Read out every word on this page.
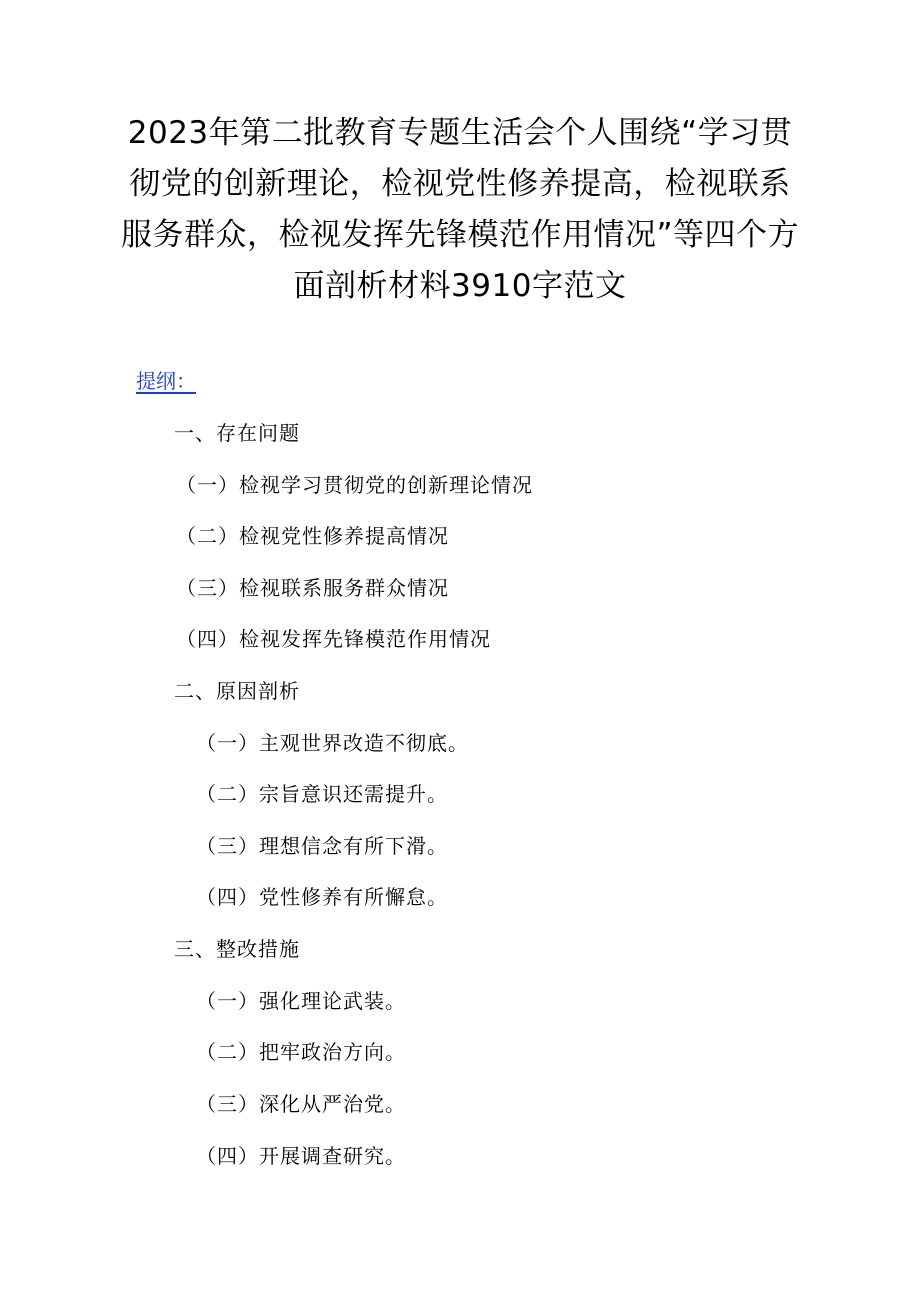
2023年第二批教育专题生活会个人围绕“学习贯彻党的创新理论，检视党性修养提高，检视联系服务群众，检视发挥先锋模范作用情况”等四个方面剖析材料3910字范文
提纲：
一、存在问题
（一）检视学习贯彻党的创新理论情况
（二）检视党性修养提高情况
（三）检视联系服务群众情况
（四）检视发挥先锋模范作用情况
二、原因剖析
（一）主观世界改造不彻底。
（二）宗旨意识还需提升。
（三）理想信念有所下滑。
（四）党性修养有所懈怠。
三、整改措施
（一）强化理论武装。
（二）把牢政治方向。
（三）深化从严治党。
（四）开展调查研究。
